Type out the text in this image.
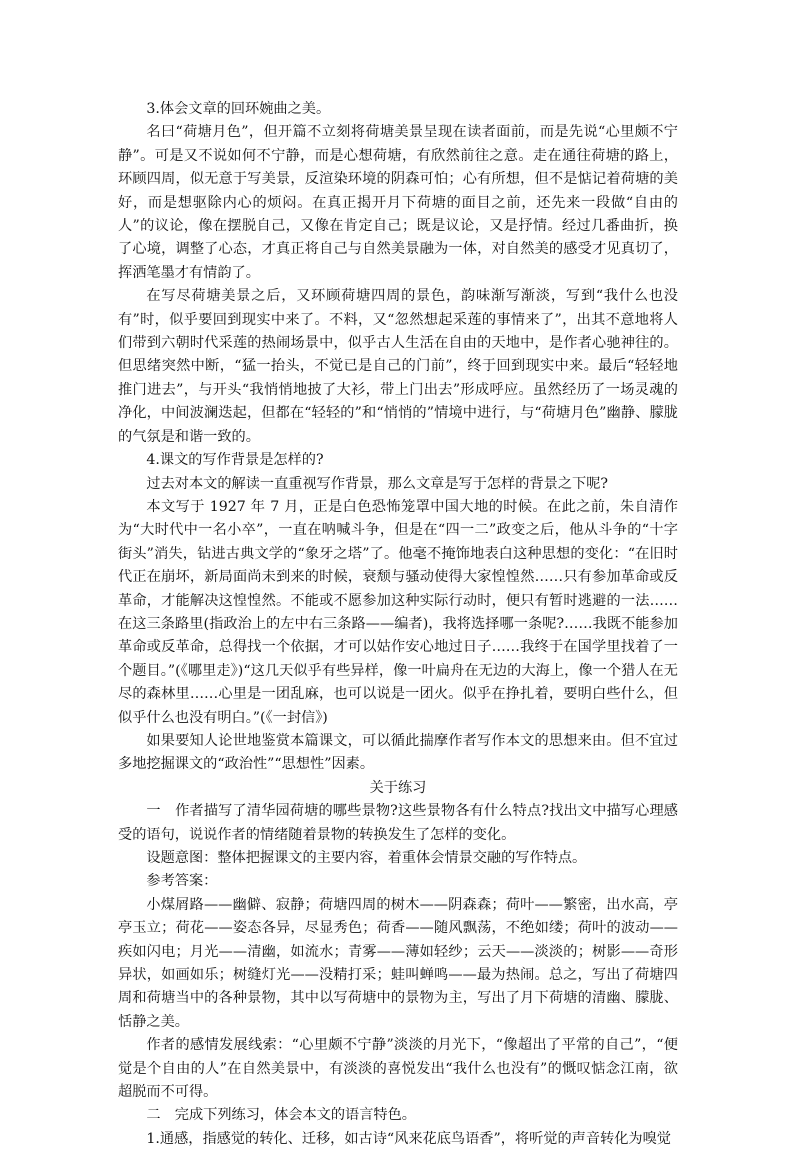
3.体会文章的回环婉曲之美。

名曰“荷塘月色”，但开篇不立刻将荷塘美景呈现在读者面前，而是先说“心里颇不宁静”。可是又不说如何不宁静，而是心想荷塘，有欣然前往之意。走在通往荷塘的路上，环顾四周，似无意于写美景，反渲染环境的阴森可怕；心有所想，但不是惦记着荷塘的美好，而是想驱除内心的烦闷。在真正揭开月下荷塘的面目之前，还先来一段做“自由的人”的议论，像在摆脱自己，又像在肯定自己；既是议论，又是抒情。经过几番曲折，换了心境，调整了心态，才真正将自己与自然美景融为一体，对自然美的感受才见真切了，挥洒笔墨才有情韵了。

在写尽荷塘美景之后，又环顾荷塘四周的景色，韵味渐写渐淡，写到“我什么也没有”时，似乎要回到现实中来了。不料，又“忽然想起采莲的事情来了”，出其不意地将人们带到六朝时代采莲的热闹场景中，似乎古人生活在自由的天地中，是作者心驰神往的。但思绪突然中断，“猛一抬头，不觉已是自己的门前”，终于回到现实中来。最后“轻轻地推门进去”，与开头“我悄悄地披了大衫，带上门出去”形成呼应。虽然经历了一场灵魂的净化，中间波澜迭起，但都在“轻轻的”和“悄悄的”情境中进行，与“荷塘月色”幽静、朦胧的气氛是和谐一致的。

4.课文的写作背景是怎样的?

过去对本文的解读一直重视写作背景，那么文章是写于怎样的背景之下呢?

本文写于 1927 年 7 月，正是白色恐怖笼罩中国大地的时候。在此之前，朱自清作为“大时代中一名小卒”，一直在呐喊斗争，但是在“四一二”政变之后，他从斗争的“十字街头”消失，钻进古典文学的“象牙之塔”了。他毫不掩饰地表白这种思想的变化：“在旧时代正在崩坏，新局面尚未到来的时候，衰颓与骚动使得大家惶惶然……只有参加革命或反革命，才能解决这惶惶然。不能或不愿参加这种实际行动时，便只有暂时逃避的一法……在这三条路里(指政治上的左中右三条路——编者)，我将选择哪一条呢?……我既不能参加革命或反革命，总得找一个依据，才可以姑作安心地过日子……我终于在国学里找着了一个题目。”(《哪里走》)“这几天似乎有些异样，像一叶扁舟在无边的大海上，像一个猎人在无尽的森林里……心里是一团乱麻，也可以说是一团火。似乎在挣扎着，要明白些什么，但似乎什么也没有明白。”(《一封信》)

如果要知人论世地鉴赏本篇课文，可以循此揣摩作者写作本文的思想来由。但不宜过多地挖掘课文的“政治性”“思想性”因素。

关于练习

一　作者描写了清华园荷塘的哪些景物?这些景物各有什么特点?找出文中描写心理感受的语句，说说作者的情绪随着景物的转换发生了怎样的变化。

设题意图：整体把握课文的主要内容，着重体会情景交融的写作特点。

参考答案：

小煤屑路——幽僻、寂静；荷塘四周的树木——阴森森；荷叶——繁密，出水高，亭亭玉立；荷花——姿态各异，尽显秀色；荷香——随风飘荡，不绝如缕；荷叶的波动——疾如闪电；月光——清幽，如流水；青雾——薄如轻纱；云天——淡淡的；树影——奇形异状，如画如乐；树缝灯光——没精打采；蛙叫蝉鸣——最为热闹。总之，写出了荷塘四周和荷塘当中的各种景物，其中以写荷塘中的景物为主，写出了月下荷塘的清幽、朦胧、恬静之美。

作者的感情发展线索：“心里颇不宁静”淡淡的月光下，“像超出了平常的自己”，“便觉是个自由的人”在自然美景中，有淡淡的喜悦发出“我什么也没有”的慨叹惦念江南，欲超脱而不可得。

二　完成下列练习，体会本文的语言特色。

1.通感，指感觉的转化、迁移，如古诗“风来花底鸟语香”，将听觉的声音转化为嗅觉
